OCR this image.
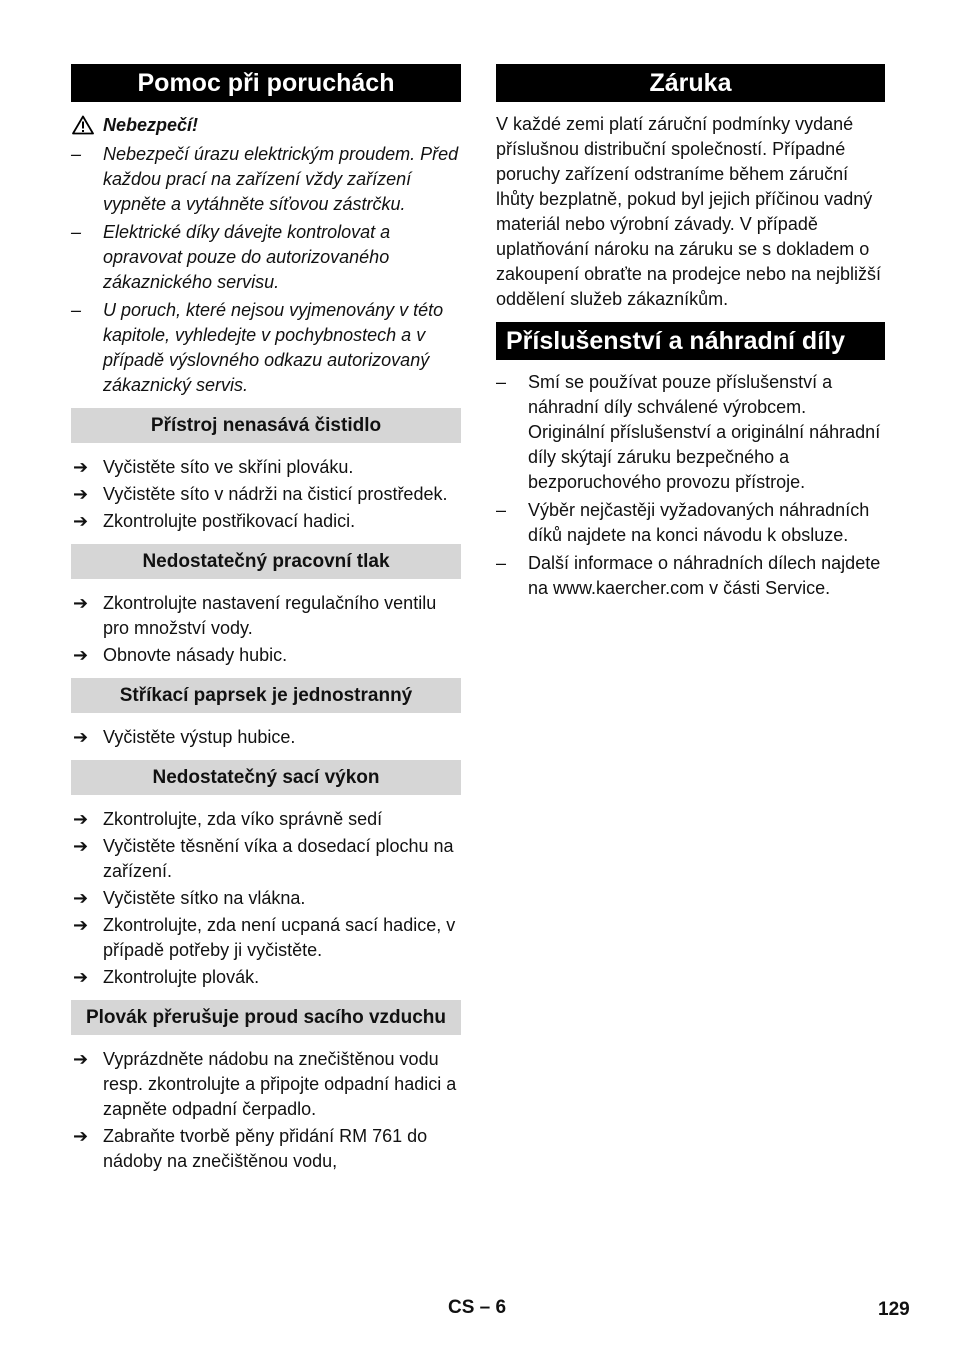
Pomoc při poruchách
Nebezpečí!
– Nebezpečí úrazu elektrickým proudem. Před každou prací na zařízení vždy zařízení vypněte a vytáhněte síťovou zástrčku.
– Elektrické díky dávejte kontrolovat a opravovat pouze do autorizovaného zákaznického servisu.
– U poruch, které nejsou vyjmenovány v této kapitole, vyhledejte v pochybnostech a v případě výslovného odkazu autorizovaný zákaznický servis.
Přístroj nenasává čistidlo
➔ Vyčistěte síto ve skříni plováku.
➔ Vyčistěte síto v nádrži na čisticí prostředek.
➔ Zkontrolujte postřikovací hadici.
Nedostatečný pracovní tlak
➔ Zkontrolujte nastavení regulačního ventilu pro množství vody.
➔ Obnovte násady hubic.
Stříkací paprsek je jednostranný
➔ Vyčistěte výstup hubice.
Nedostatečný sací výkon
➔ Zkontrolujte, zda víko správně sedí
➔ Vyčistěte těsnění víka a dosedací plochu na zařízení.
➔ Vyčistěte sítko na vlákna.
➔ Zkontrolujte, zda není ucpaná sací hadice, v případě potřeby ji vyčistěte.
➔ Zkontrolujte plovák.
Plovák přerušuje proud sacího vzduchu
➔ Vyprázdněte nádobu na znečištěnou vodu resp. zkontrolujte a připojte odpadní hadici a zapněte odpadní čerpadlo.
➔ Zabraňte tvorbě pěny přidání RM 761 do nádoby na znečištěnou vodu,
Záruka

V každé zemi platí záruční podmínky vydané příslušnou distribuční společností. Případné poruchy zařízení odstraníme během záruční lhůty bezplatně, pokud byl jejich příčinou vadný materiál nebo výrobní závady. V případě uplatňování nároku na záruku se s dokladem o zakoupení obraťte na prodejce nebo na nejbližší oddělení služeb zákazníkům.

Příslušenství a náhradní díly
– Smí se používat pouze příslušenství a náhradní díly schválené výrobcem. Originální příslušenství a originální náhradní díly skýtají záruku bezpečného a bezporuchového provozu přístroje.
– Výběr nejčastěji vyžadovaných náhradních díků najdete na konci návodu k obsluze.
– Další informace o náhradních dílech najdete na www.kaercher.com v části Service.
CS – 6	129
